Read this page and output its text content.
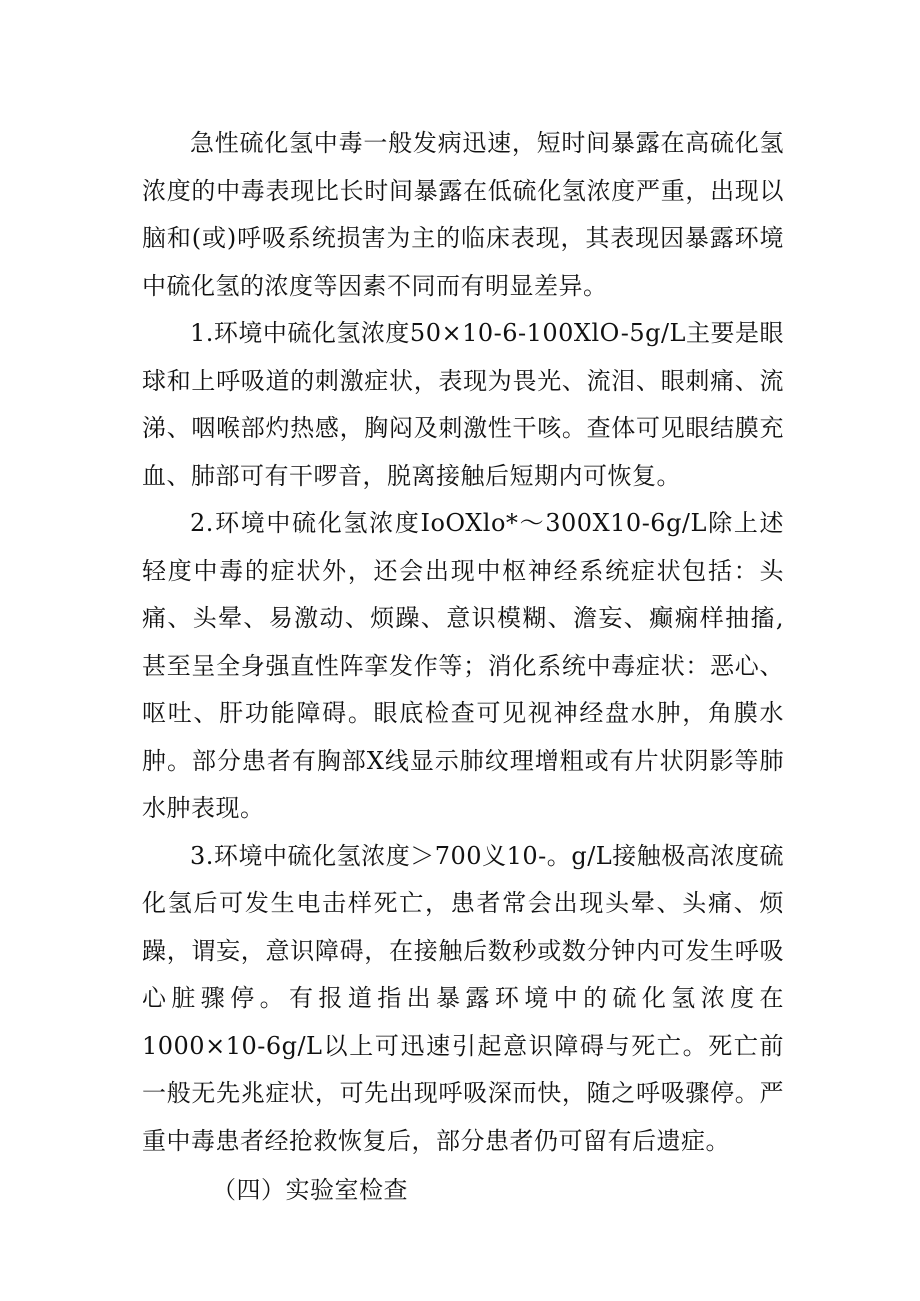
急性硫化氢中毒一般发病迅速，短时间暴露在高硫化氢浓度的中毒表现比长时间暴露在低硫化氢浓度严重，出现以脑和(或)呼吸系统损害为主的临床表现，其表现因暴露环境中硫化氢的浓度等因素不同而有明显差异。

1.环境中硫化氢浓度50×10-6-100XlO-5g/L主要是眼球和上呼吸道的刺激症状，表现为畏光、流泪、眼刺痛、流涕、咽喉部灼热感，胸闷及刺激性干咳。查体可见眼结膜充血、肺部可有干啰音，脱离接触后短期内可恢复。

2.环境中硫化氢浓度IoOXlo*～300X10-6g/L除上述轻度中毒的症状外，还会出现中枢神经系统症状包括：头痛、头晕、易激动、烦躁、意识模糊、澹妄、癫痫样抽搐,甚至呈全身强直性阵挛发作等；消化系统中毒症状：恶心、呕吐、肝功能障碍。眼底检查可见视神经盘水肿，角膜水肿。部分患者有胸部X线显示肺纹理增粗或有片状阴影等肺水肿表现。

3.环境中硫化氢浓度＞700义10-。g/L接触极高浓度硫化氢后可发生电击样死亡，患者常会出现头晕、头痛、烦躁，谓妄，意识障碍，在接触后数秒或数分钟内可发生呼吸心脏骤停。有报道指出暴露环境中的硫化氢浓度在1000×10-6g/L以上可迅速引起意识障碍与死亡。死亡前一般无先兆症状，可先出现呼吸深而快，随之呼吸骤停。严重中毒患者经抢救恢复后，部分患者仍可留有后遗症。

（四）实验室检查
